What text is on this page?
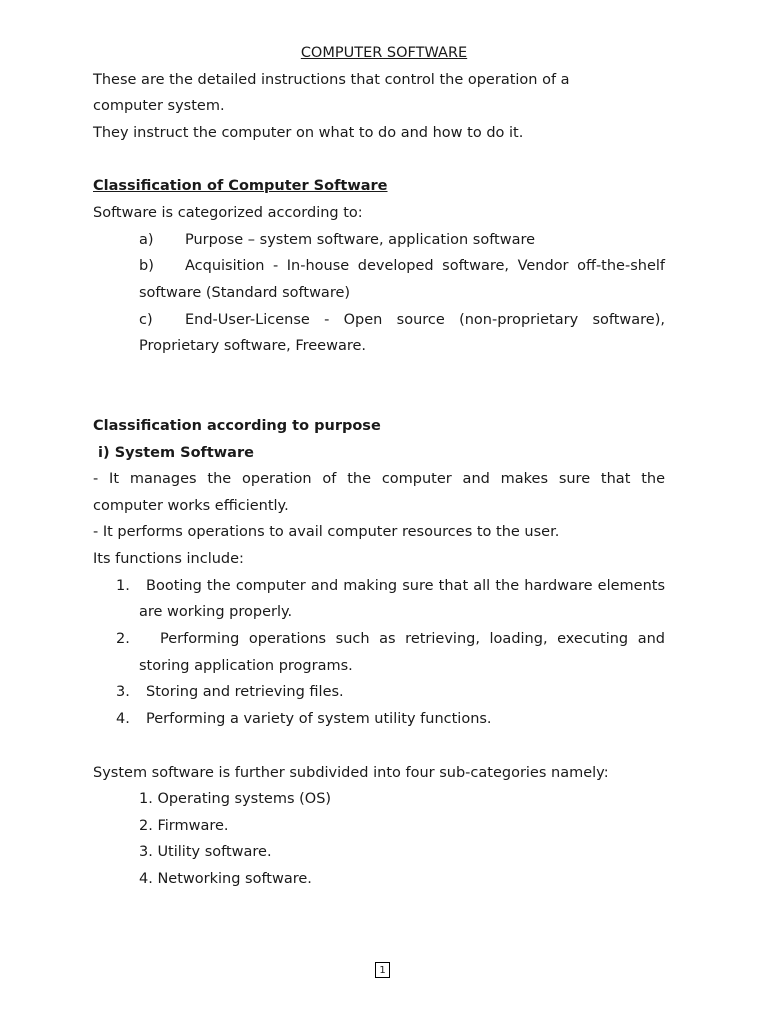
COMPUTER SOFTWARE
These are the detailed instructions that control the operation of a
computer system.
They instruct the computer on what to do and how to do it.
Classification of Computer Software
Software is categorized according to:
a)	Purpose – system software, application software
b)	Acquisition - In-house developed software, Vendor off-the-shelf
software (Standard software)
c)	End-User-License - Open source (non-proprietary software),
Proprietary software, Freeware.
Classification according to purpose
i) System Software
- It manages the operation of the computer and makes sure that the
computer works efficiently.
- It performs operations to avail computer resources to the user.
Its functions include:
1.	Booting the computer and making sure that all the hardware elements
are working properly.
2.	Performing operations such as retrieving, loading, executing and
storing application programs.
3.	Storing and retrieving files.
4.	Performing a variety of system utility functions.
System software is further subdivided into four sub-categories namely:
1. Operating systems (OS)
2. Firmware.
3. Utility software.
4. Networking software.
1
